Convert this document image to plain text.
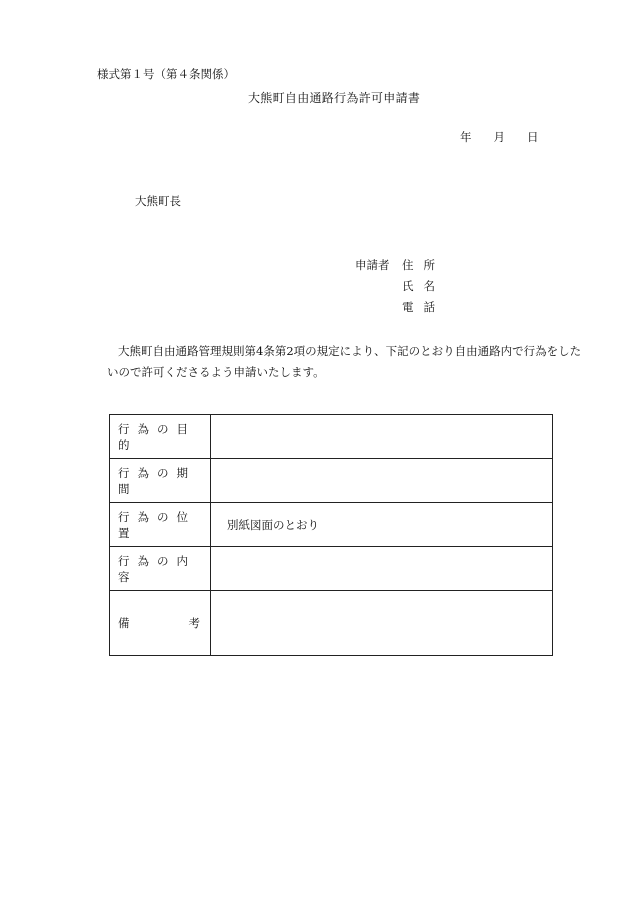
様式第１号（第４条関係）
大熊町自由通路行為許可申請書
年 月 日
大熊町長
申請者 住所
氏名
電話
大熊町自由通路管理規則第4条第2項の規定により、下記のとおり自由通路内で行為をしたいので許可くださるよう申請いたします。
行為の目的	
行為の期間	
行為の位置	別紙図面のとおり
行為の内容	

備 考	
